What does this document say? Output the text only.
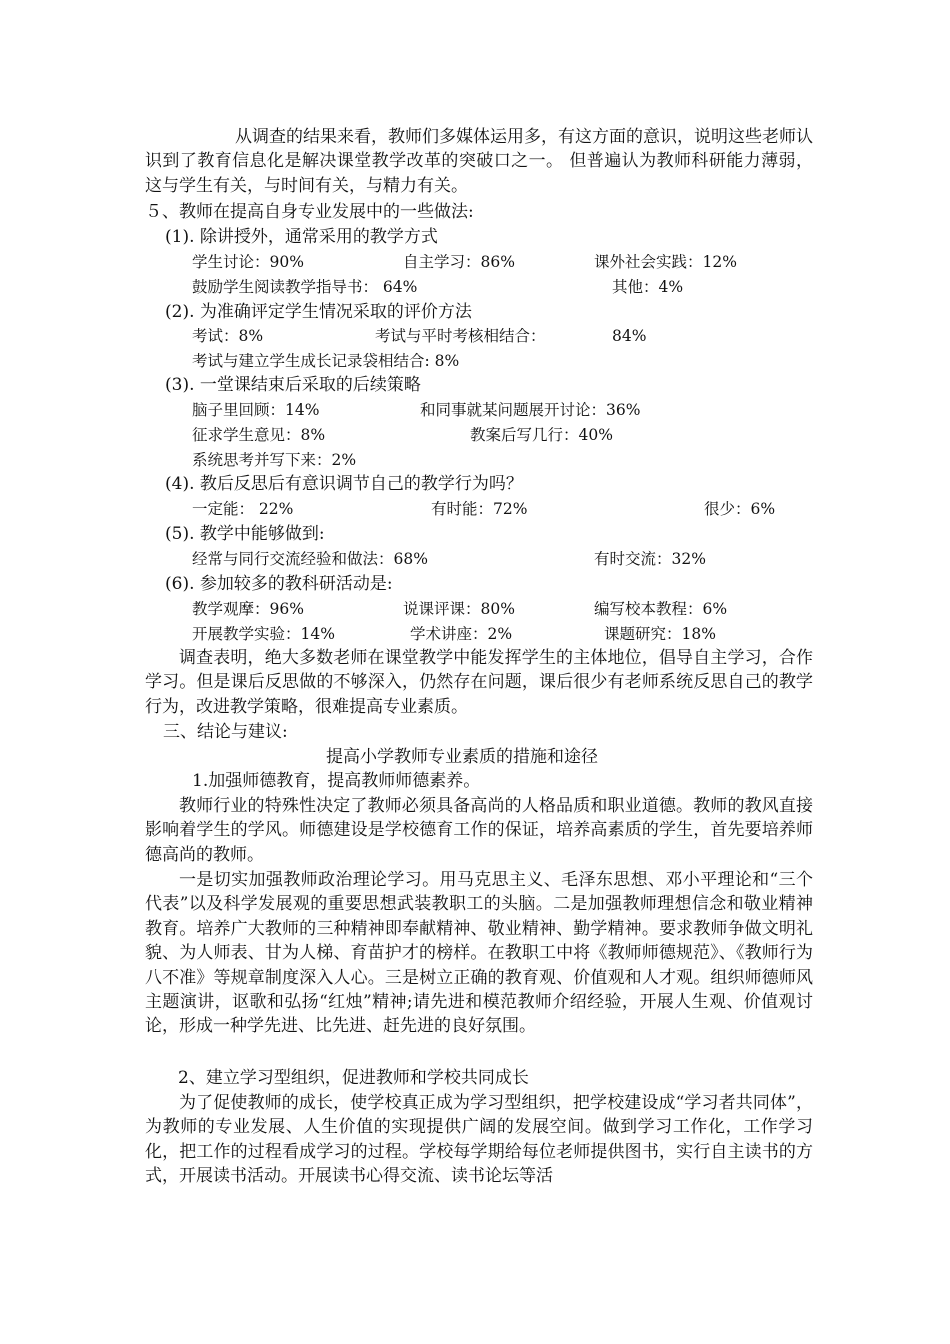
从调查的结果来看，教师们多媒体运用多，有这方面的意识，说明这些老师认识到了教育信息化是解决课堂教学改革的突破口之一。 但普遍认为教师科研能力薄弱，这与学生有关，与时间有关，与精力有关。
５、教师在提高自身专业发展中的一些做法:
(1). 除讲授外，通常采用的教学方式
学生讨论：90%	自主学习：86%	课外社会实践：12%
鼓励学生阅读教学指导书： 64%	其他：4%
(2). 为准确评定学生情况采取的评价方法
考试：8%	考试与平时考核相结合：	84%
考试与建立学生成长记录袋相结合: 8%
(3). 一堂课结束后采取的后续策略
脑子里回顾：14%	和同事就某问题展开讨论：36%
征求学生意见：8%	教案后写几行：40%
系统思考并写下来：2%
(4). 教后反思后有意识调节自己的教学行为吗？
一定能： 22%	有时能：72%	很少：6%
(5). 教学中能够做到:
经常与同行交流经验和做法：68%	有时交流：32%
(6). 参加较多的教科研活动是:
教学观摩：96%	说课评课：80%	编写校本教程：6%
开展教学实验：14%	学术讲座：2%	课题研究：18%
调查表明，绝大多数老师在课堂教学中能发挥学生的主体地位，倡导自主学习，合作学习。但是课后反思做的不够深入，仍然存在问题，课后很少有老师系统反思自己的教学行为，改进教学策略，很难提高专业素质。
三、结论与建议:
提高小学教师专业素质的措施和途径
1.加强师德教育，提高教师师德素养。
教师行业的特殊性决定了教师必须具备高尚的人格品质和职业道德。教师的教风直接影响着学生的学风。师德建设是学校德育工作的保证，培养高素质的学生，首先要培养师德高尚的教师。
一是切实加强教师政治理论学习。用马克思主义、毛泽东思想、邓小平理论和“三个代表”以及科学发展观的重要思想武装教职工的头脑。二是加强教师理想信念和敬业精神教育。培养广大教师的三种精神即奉献精神、敬业精神、勤学精神。要求教师争做文明礼貌、为人师表、甘为人梯、育苗护才的榜样。在教职工中将《教师师德规范》、《教师行为八不准》等规章制度深入人心。三是树立正确的教育观、价值观和人才观。组织师德师风主题演讲，讴歌和弘扬“红烛”精神;请先进和模范教师介绍经验，开展人生观、价值观讨论，形成一种学先进、比先进、赶先进的良好氛围。
2、建立学习型组织，促进教师和学校共同成长
为了促使教师的成长，使学校真正成为学习型组织，把学校建设成“学习者共同体”，为教师的专业发展、人生价值的实现提供广阔的发展空间。做到学习工作化，工作学习化，把工作的过程看成学习的过程。学校每学期给每位老师提供图书，实行自主读书的方式，开展读书活动。开展读书心得交流、读书论坛等活
